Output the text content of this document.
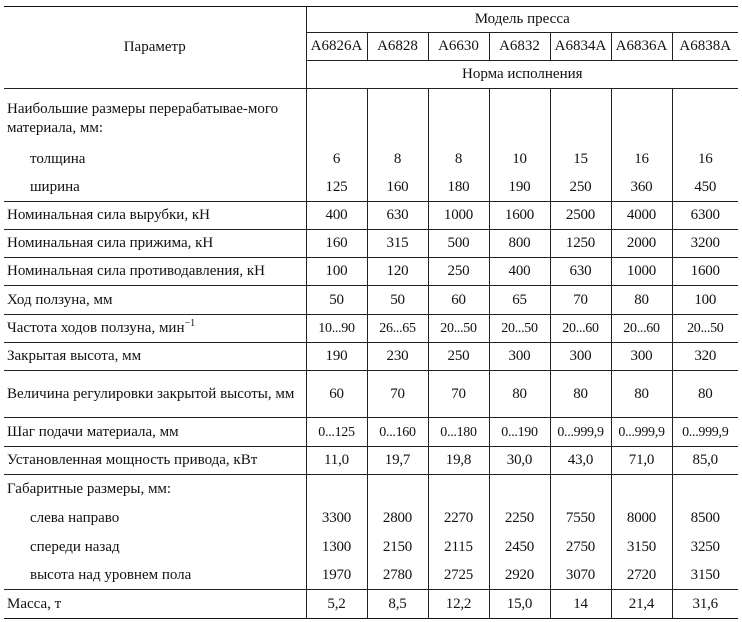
Параметр	Модель пресса						
	А6826А	А6828	А6630	А6832	А6834А	А6836А	А6838А
	Норма исполнения						
Наибольшие размеры перерабатывае-мого материала, мм:							
толщина	6	8	8	10	15	16	16
ширина	125	160	180	190	250	360	450
Номинальная сила вырубки, кН	400	630	1000	1600	2500	4000	6300
Номинальная сила прижима, кН	160	315	500	800	1250	2000	3200
Номинальная сила противодавления, кН	100	120	250	400	630	1000	1600
Ход ползуна, мм	50	50	60	65	70	80	100
Частота ходов ползуна, мин$^{-1}$	10...90	26...65	20...50	20...50	20...60	20...60	20...50
Закрытая высота, мм	190	230	250	300	300	300	320
Величина регулировки закрытой высоты, мм	60	70	70	80	80	80	80
Шаг подачи материала, мм	0...125	0...160	0...180	0...190	0...999,9	0...999,9	0...999,9
Установленная мощность привода, кВт	11,0	19,7	19,8	30,0	43,0	71,0	85,0
Габаритные размеры, мм:							
слева направо	3300	2800	2270	2250	7550	8000	8500
спереди назад	1300	2150	2115	2450	2750	3150	3250
высота над уровнем пола	1970	2780	2725	2920	3070	2720	3150
Масса, т	5,2	8,5	12,2	15,0	14	21,4	31,6
